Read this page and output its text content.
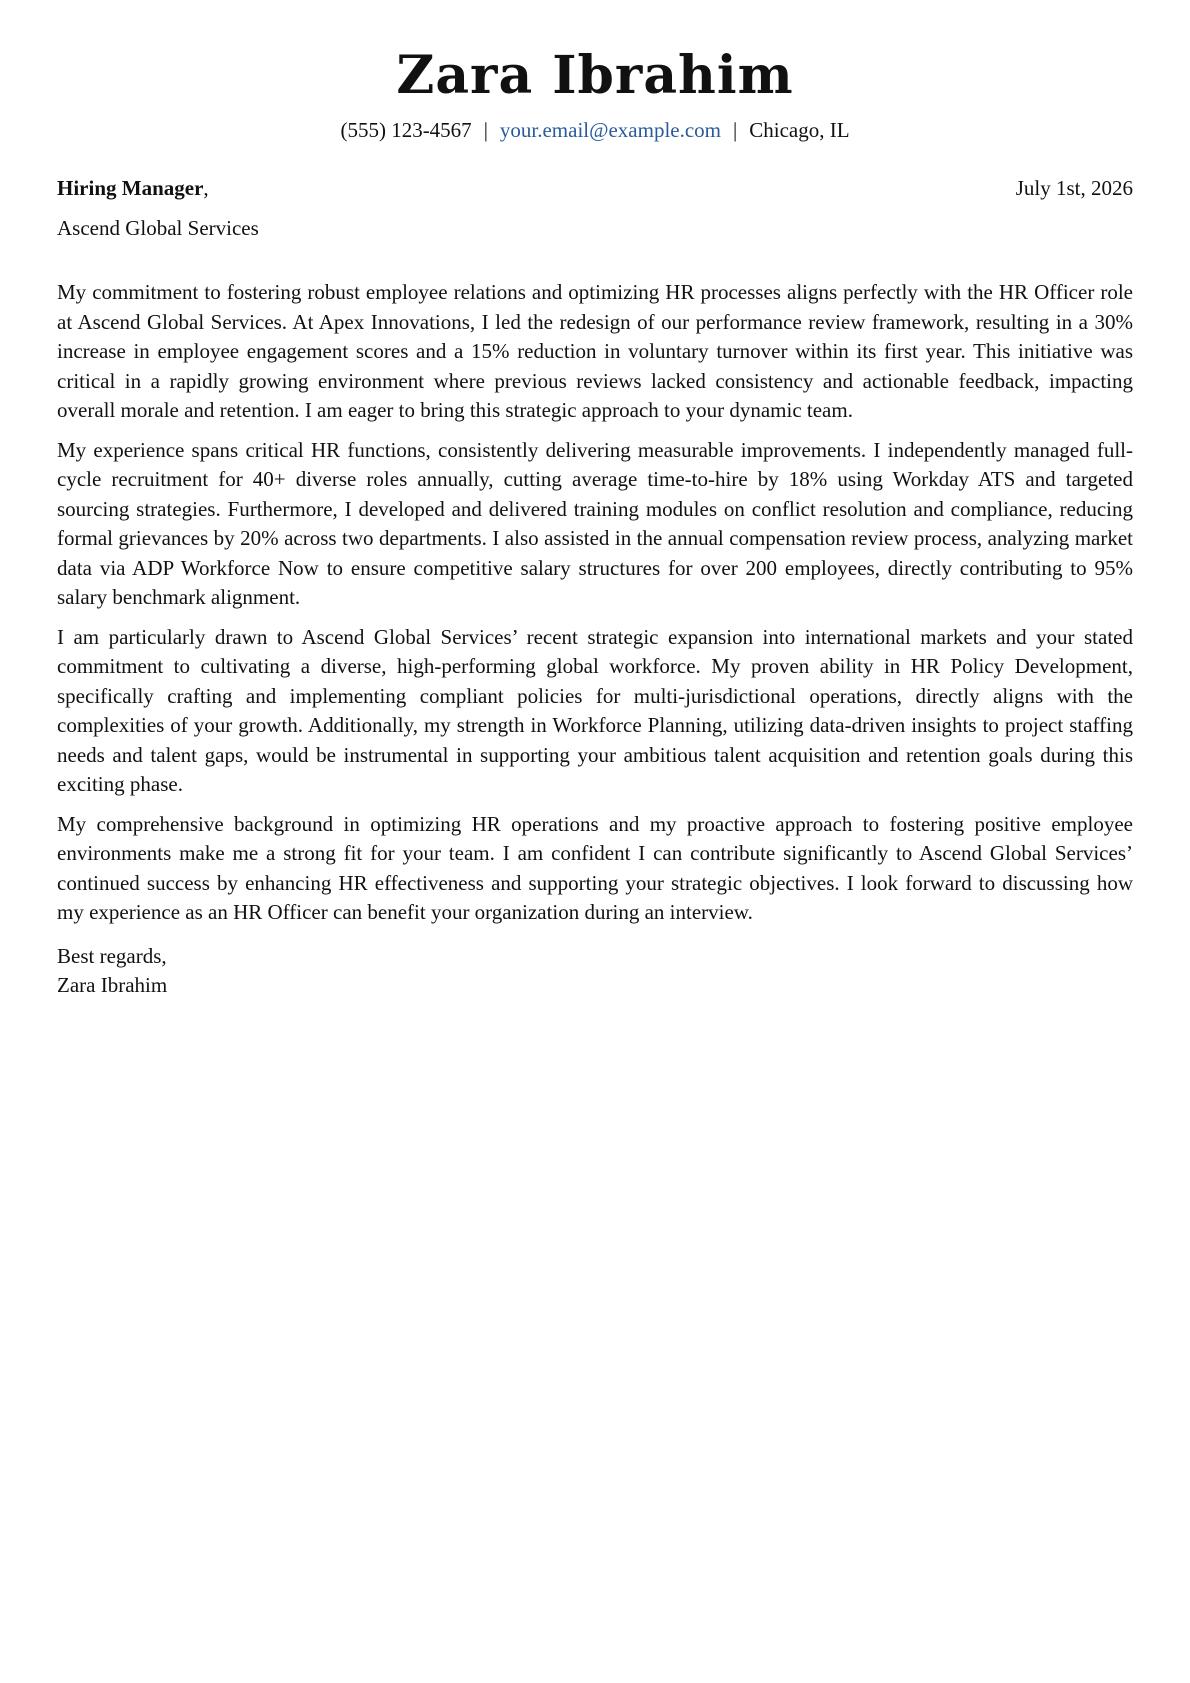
Zara Ibrahim
(555) 123-4567 | your.email@example.com | Chicago, IL
Hiring Manager,	July 1st, 2026
Ascend Global Services

My commitment to fostering robust employee relations and optimizing HR processes aligns perfectly with the HR Officer role at Ascend Global Services. At Apex Innovations, I led the redesign of our performance review framework, resulting in a 30% increase in employee engagement scores and a 15% reduction in voluntary turnover within its first year. This initiative was critical in a rapidly growing environment where previous reviews lacked consistency and actionable feedback, impacting overall morale and retention. I am eager to bring this strategic approach to your dynamic team.

My experience spans critical HR functions, consistently delivering measurable improvements. I independently managed full-cycle recruitment for 40+ diverse roles annually, cutting average time-to-hire by 18% using Workday ATS and targeted sourcing strategies. Furthermore, I developed and delivered training modules on conflict resolution and compliance, reducing formal grievances by 20% across two departments. I also assisted in the annual compensation review process, analyzing market data via ADP Workforce Now to ensure competitive salary structures for over 200 employees, directly contributing to 95% salary benchmark alignment.

I am particularly drawn to Ascend Global Services’ recent strategic expansion into international markets and your stated commitment to cultivating a diverse, high-performing global workforce. My proven ability in HR Policy Development, specifically crafting and implementing compliant policies for multi-jurisdictional operations, directly aligns with the complexities of your growth. Additionally, my strength in Workforce Planning, utilizing data-driven insights to project staffing needs and talent gaps, would be instrumental in supporting your ambitious talent acquisition and retention goals during this exciting phase.

My comprehensive background in optimizing HR operations and my proactive approach to fostering positive employee environments make me a strong fit for your team. I am confident I can contribute significantly to Ascend Global Services’ continued success by enhancing HR effectiveness and supporting your strategic objectives. I look forward to discussing how my experience as an HR Officer can benefit your organization during an interview.

Best regards,
Zara Ibrahim
